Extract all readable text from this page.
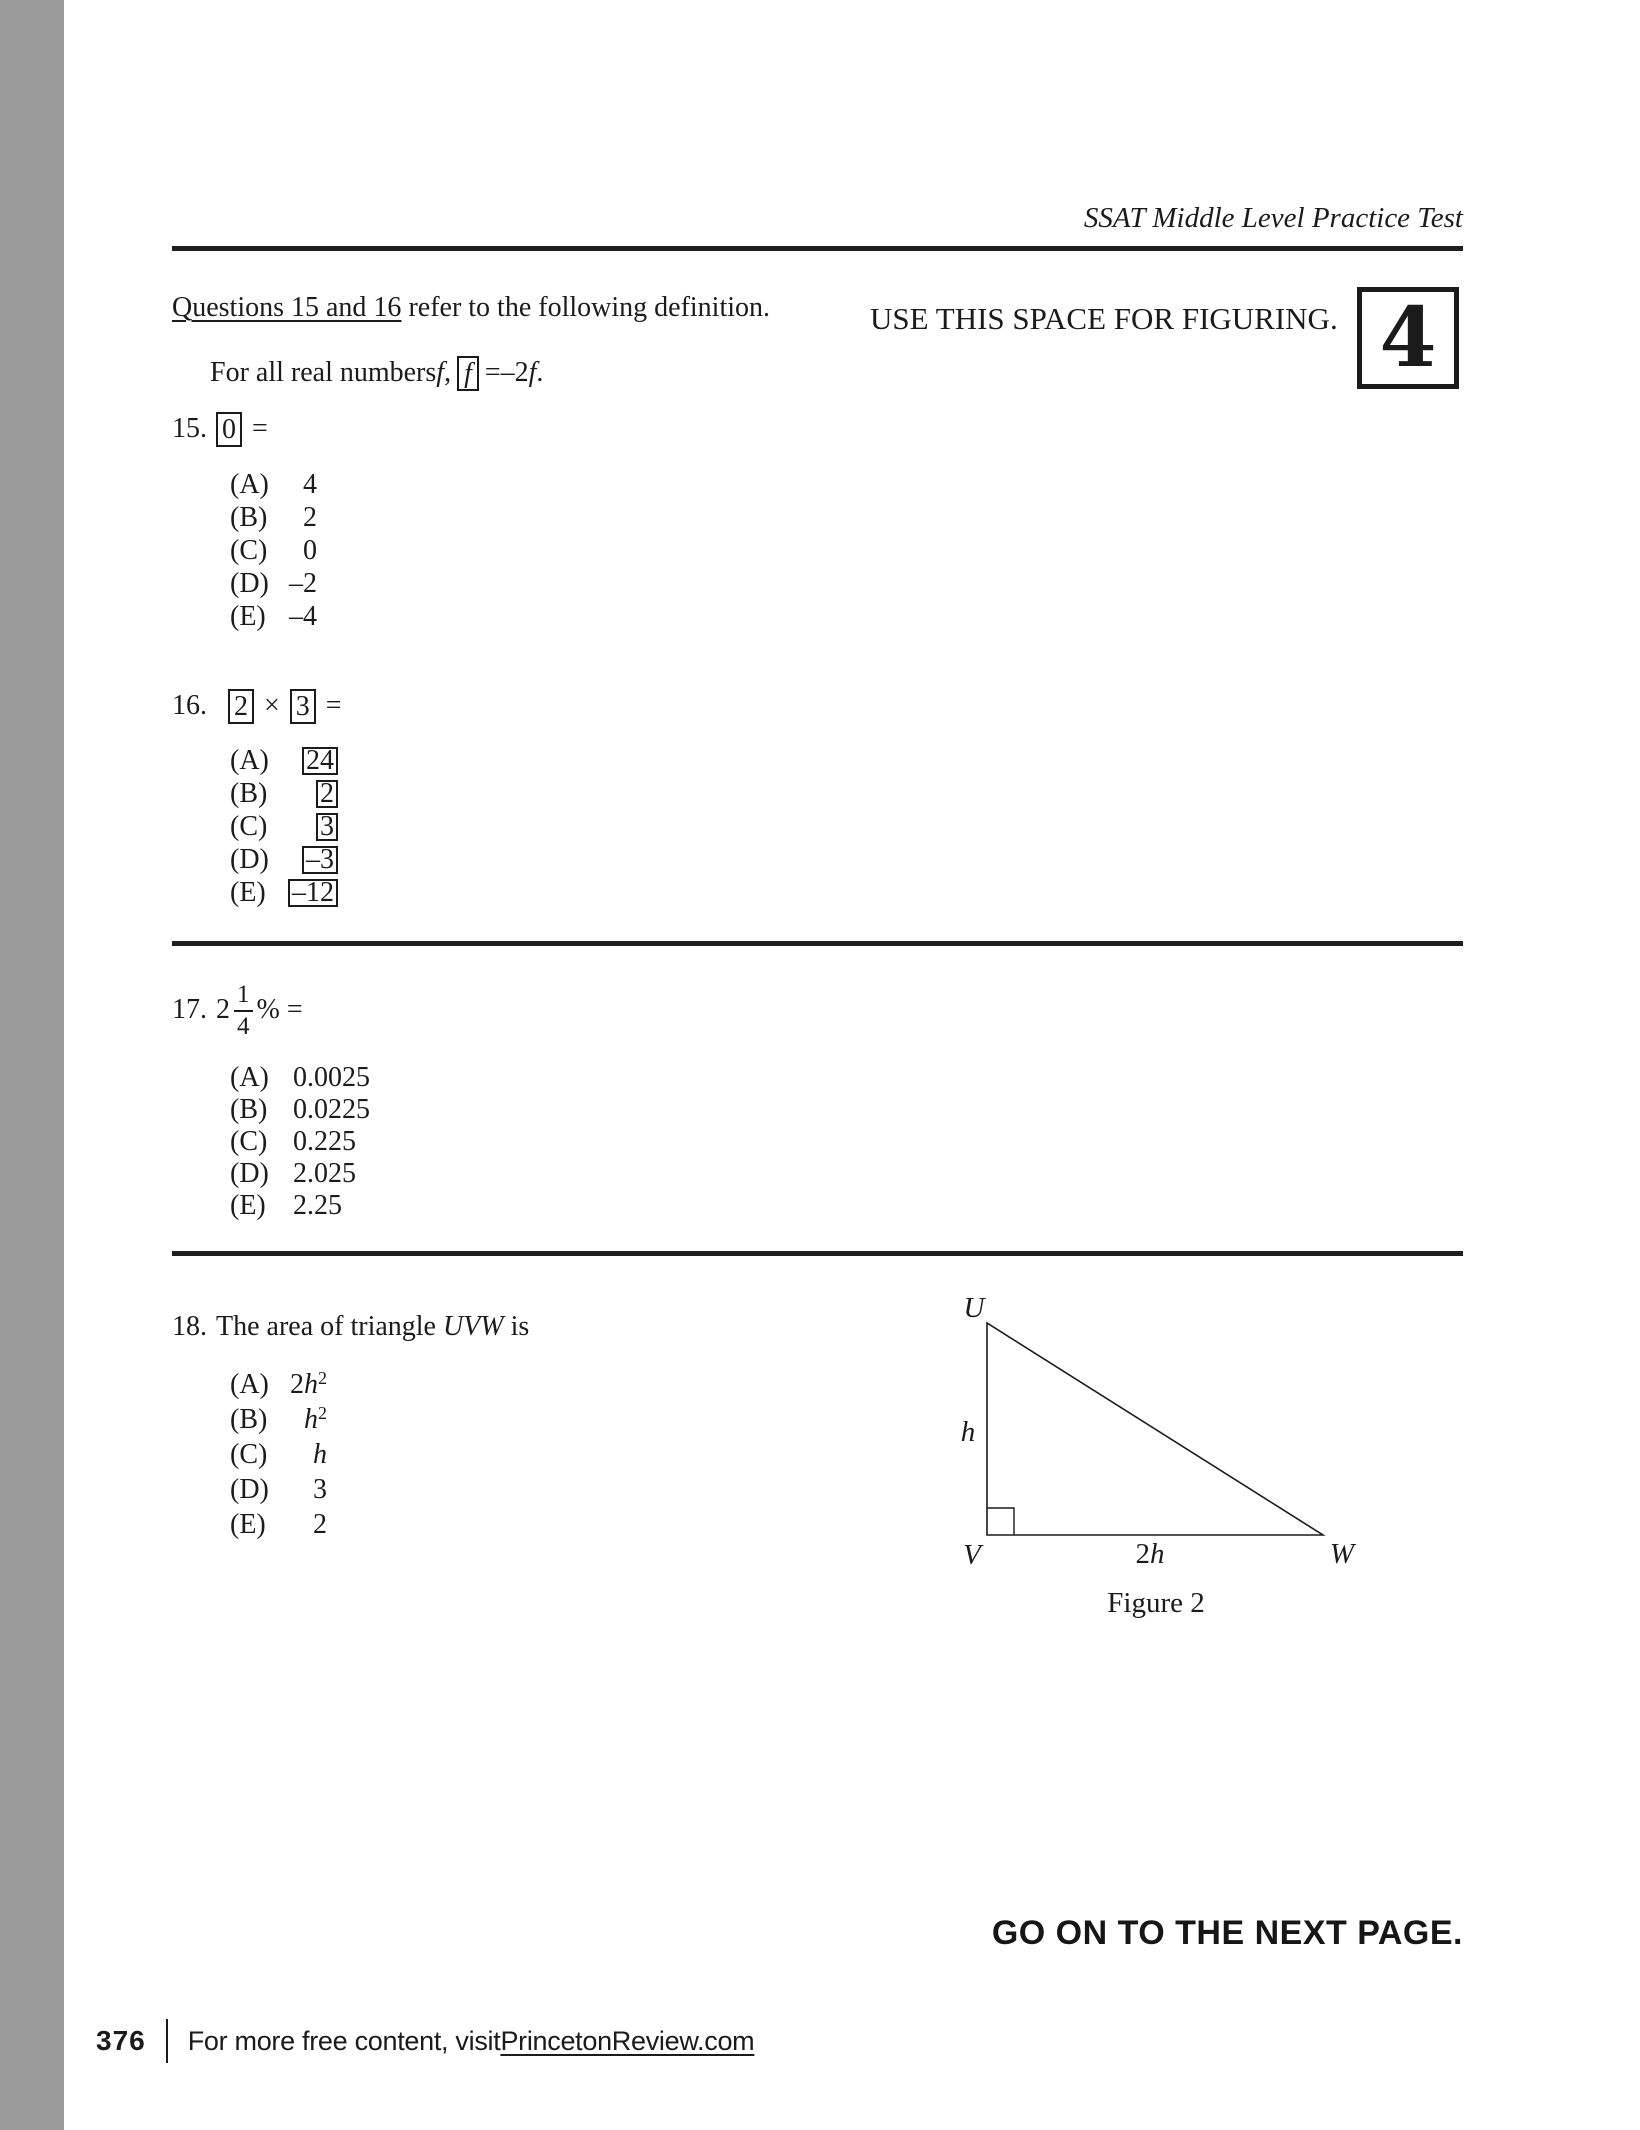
SSAT Middle Level Practice Test
USE THIS SPACE FOR FIGURING. 4
Questions 15 and 16 refer to the following definition.
For all real numbers f , f = –2 f .
15. 0 =
(A)	4
(B)	2
(C)	0
(D) –2
(E) –4
16. 2 × 3 =
(A)	24
(B)	2
(C)	3
(D)	–3
(E) –12
17. $2 \frac{1}{4}$ % =
(A) 0.0025
(B) 0.0225
(C) 0.225
(D) 2.025
(E) 2.25
18. The area of triangle UVW is
(A) $2h^2$
(B)	$h^2$
(C)	h
(D)	3
(E)	2
U
h
V	2h	W
Figure 2
GO ON TO THE NEXT PAGE.
376 For more free content, visit PrincetonReview.com
